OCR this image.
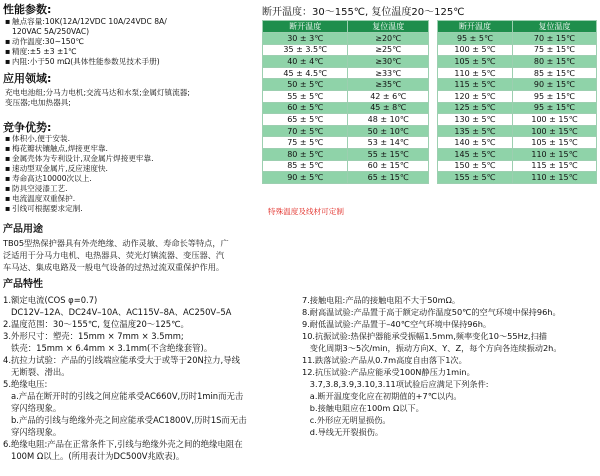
性能参数:
▪ 触点容量:10K(12A/12VDC 10A/24VDC 8A/
120VAC 5A/250VAC)
▪ 动作温度:30~150℃
▪ 精度:±5 ±3 ±1℃
▪ 内阻:小于50 mΩ(具体性能参数见技术手册)
应用领域:
充电电池组;分马力电机;交流马达和水泵;金属灯镇流器;
变压器;电加热器具;
竞争优势:
▪ 体积小,便于安装.
▪ 梅花瓣状镶触点,焊接更牢靠.
▪ 金属壳体为专利设计,双金属片焊接更牢靠.
▪ 速动型双金属片,反应速度快.
▪ 寿命高达10000次以上.
▪ 防具空浸漆工艺.
▪ 电流温度双重保护.
▪ 引线可根据要求定制.
断开温度：30～155℃, 复位温度20～125℃
断开温度	复位温度
30 ± 3℃	≥20℃
35 ± 3.5℃	≥25℃
40 ± 4℃	≥30℃
45 ± 4.5℃	≥33℃
50 ± 5℃	≥35℃
55 ± 5℃	42 ± 6℃
60 ± 5℃	45 ± 8℃
65 ± 5℃	48 ± 10℃
70 ± 5℃	50 ± 10℃
75 ± 5℃	53 ± 14℃
80 ± 5℃	55 ± 15℃
85 ± 5℃	60 ± 15℃
90 ± 5℃	65 ± 15℃
断开温度	复位温度
95 ± 5℃	70 ± 15℃
100 ± 5℃	75 ± 15℃
105 ± 5℃	80 ± 15℃
110 ± 5℃	85 ± 15℃
115 ± 5℃	90 ± 15℃
120 ± 5℃	95 ± 15℃
125 ± 5℃	95 ± 15℃
130 ± 5℃	100 ± 15℃
135 ± 5℃	100 ± 15℃
140 ± 5℃	105 ± 15℃
145 ± 5℃	110 ± 15℃
150 ± 5℃	115 ± 15℃
155 ± 5℃	110 ± 15℃
特殊温度及线材可定制
产品用途
TB05型热保护器具有外壳绝缘、动作灵敏、寿命长等特点，广
泛适用于分马力电机、电热器具、荧光灯镇流器、变压器、汽
车马达、集成电路及一般电气设备的过热过流双重保护作用。
产品特性
1.额定电流(COS φ=0.7)
DC12V–12A、DC24V–10A、AC115V–8A、AC250V–5A
2.温度范围：30～155℃, 复位温度20～125℃。
3.外形尺寸：塑壳：15mm × 7mm × 3.5mm;
铁壳：15mm × 6.4mm × 3.1mm(不含绝缘套管)。
4.抗拉力试验：产品的引线端应能承受大于或等于20N拉力,导线
无断裂、滑出。
5.绝缘电压:
a.产品在断开时的引线之间应能承受AC660V,历时1min而无击
穿闪络现象。
b.产品的引线与绝缘外壳之间应能承受AC1800V,历时1S而无击
穿闪络现象。
6.绝缘电阻:产品在正常条件下,引线与绝缘外壳之间的绝缘电阻在
100M Ω以上。(所用表计为DC500V兆欧表)。
7.接触电阻:产品的接触电阻不大于50mΩ。
8.耐高温试验:产品置于高于额定动作温度50℃的空气环境中保持96h。
9.耐低温试验:产品置于–40℃空气环境中保持96h。
10.抗振试验:热保护器能承受振幅1.5mm,频率变化10～55Hz,扫描
变化周期3～5次/min，振动方向X、Y、Z，每个方向各连续振动2h。
11.跌落试验:产品从0.7m高度自由落下1次。
12.抗压试验:产品应能承受100N静压力1min。
3.7,3.8,3.9,3.10,3.11项试验后应满足下列条件:
a.断开温度变化应在初期值的+7℃以内。
b.接触电阻应在100m Ω以下。
c.外形应无明显损伤。
d.导线无开裂损伤。
